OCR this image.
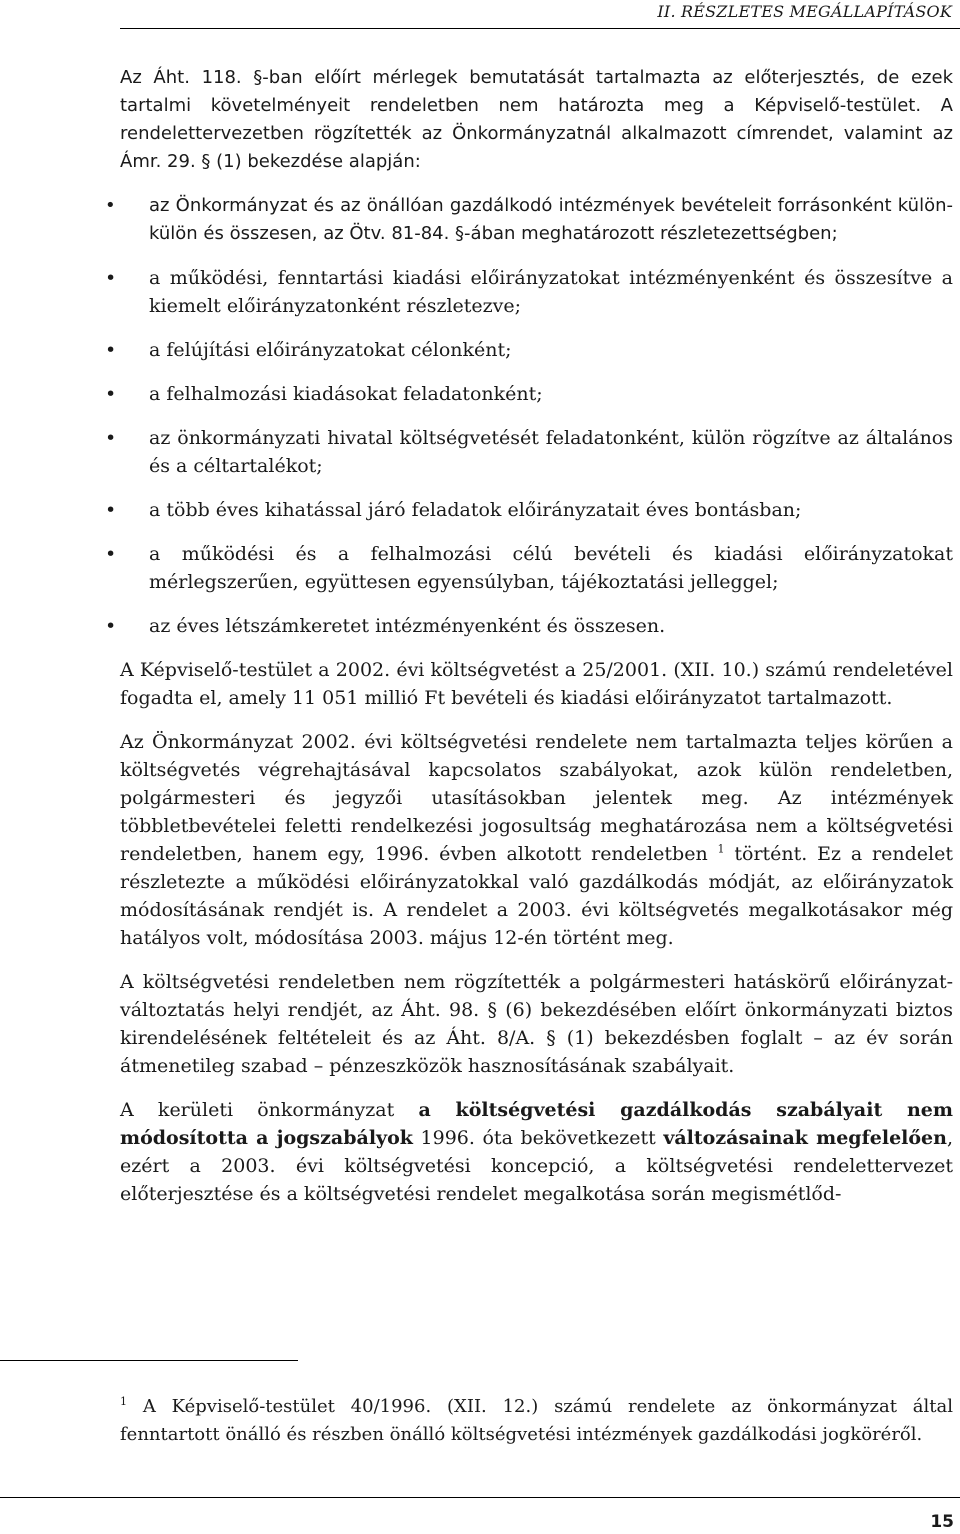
II. RÉSZLETES MEGÁLLAPÍTÁSOK

Az Áht. 118. §-ban előírt mérlegek bemutatását tartalmazta az előterjesztés, de ezek tartalmi követelményeit rendeletben nem határozta meg a Képviselő-testület. A rendelettervezetben rögzítették az Önkormányzatnál alkalmazott címrendet, valamint az Ámr. 29. § (1) bekezdése alapján:

• az Önkormányzat és az önállóan gazdálkodó intézmények bevételeit forrásonként külön-külön és összesen, az Ötv. 81-84. §-ában meghatározott részletezettségben;
• a működési, fenntartási kiadási előirányzatokat intézményenként és összesítve a kiemelt előirányzatonként részletezve;
• a felújítási előirányzatokat célonként;
• a felhalmozási kiadásokat feladatonként;
• az önkormányzati hivatal költségvetését feladatonként, külön rögzítve az általános és a céltartalékot;
• a több éves kihatással járó feladatok előirányzatait éves bontásban;
• a működési és a felhalmozási célú bevételi és kiadási előirányzatokat mérlegszerűen, együttesen egyensúlyban, tájékoztatási jelleggel;
• az éves létszámkeretet intézményenként és összesen.

A Képviselő-testület a 2002. évi költségvetést a 25/2001. (XII. 10.) számú rendeletével fogadta el, amely 11 051 millió Ft bevételi és kiadási előirányzatot tartalmazott.

Az Önkormányzat 2002. évi költségvetési rendelete nem tartalmazta teljes körűen a költségvetés végrehajtásával kapcsolatos szabályokat, azok külön rendeletben, polgármesteri és jegyzői utasításokban jelentek meg. Az intézmények többletbevételei feletti rendelkezési jogosultság meghatározása nem a költségvetési rendeletben, hanem egy, 1996. évben alkotott rendeletben $^1$ történt. Ez a rendelet részletezte a működési előirányzatokkal való gazdálkodás módját, az előirányzatok módosításának rendjét is. A rendelet a 2003. évi költségvetés megalkotásakor még hatályos volt, módosítása 2003. május 12-én történt meg.

A költségvetési rendeletben nem rögzítették a polgármesteri hatáskörű előirányzat-változtatás helyi rendjét, az Áht. 98. § (6) bekezdésében előírt önkormányzati biztos kirendelésének feltételeit és az Áht. 8/A. § (1) bekezdésben foglalt – az év során átmenetileg szabad – pénzeszközök hasznosításának szabályait.

A kerületi önkormányzat a költségvetési gazdálkodás szabályait nem módosította a jogszabályok 1996. óta bekövetkezett változásainak megfelelően, ezért a 2003. évi költségvetési koncepció, a költségvetési rendelettervezet előterjesztése és a költségvetési rendelet megalkotása során megismétlőd-

$^1$ A Képviselő-testület 40/1996. (XII. 12.) számú rendelete az önkormányzat által fenntartott önálló és részben önálló költségvetési intézmények gazdálkodási jogköréről.
15
